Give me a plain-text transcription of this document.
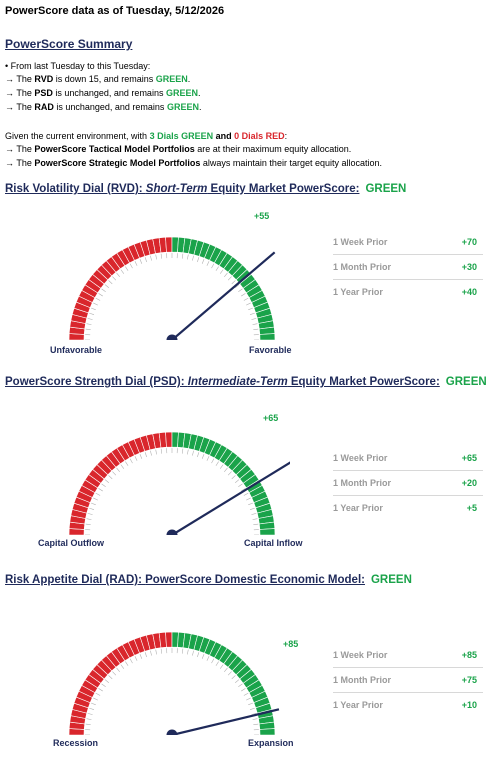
PowerScore data as of Tuesday, 5/12/2026
PowerScore Summary
• From last Tuesday to this Tuesday:
→ The RVD is down 15, and remains GREEN.
→ The PSD is unchanged, and remains GREEN.
→ The RAD is unchanged, and remains GREEN.
Given the current environment, with 3 Dials GREEN and 0 Dials RED:
→ The PowerScore Tactical Model Portfolios are at their maximum equity allocation.
→ The PowerScore Strategic Model Portfolios always maintain their target equity allocation.
Risk Volatility Dial (RVD): Short-Term Equity Market PowerScore: GREEN
+55
Unfavorable	Favorable
1 Week Prior	+70
1 Month Prior	+30
1 Year Prior	+40
PowerScore Strength Dial (PSD): Intermediate-Term Equity Market PowerScore: GREEN
+65
Capital Outflow	Capital Inflow
1 Week Prior	+65
1 Month Prior	+20
1 Year Prior	+5
Risk Appetite Dial (RAD): PowerScore Domestic Economic Model: GREEN
+85
Recession	Expansion
1 Week Prior	+85
1 Month Prior	+75
1 Year Prior	+10
